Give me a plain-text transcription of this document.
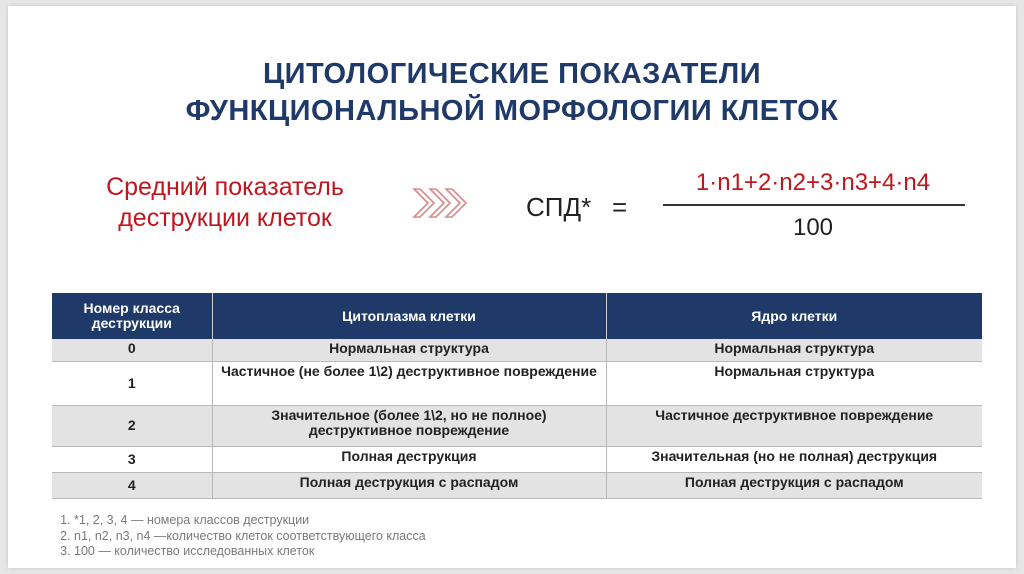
ЦИТОЛОГИЧЕСКИЕ ПОКАЗАТЕЛИ
ФУНКЦИОНАЛЬНОЙ МОРФОЛОГИИ КЛЕТОК
Средний показатель
деструкции клеток	СПД* =
1·n1+2·n2+3·n3+4·n4
100
Номер класса деструкции	Цитоплазма клетки	Ядро клетки
0	Нормальная структура	Нормальная структура
1	Частичное (не более 1\2) деструктивное повреждение	Нормальная структура
2	Значительное (более 1\2, но не полное) деструктивное повреждение	Частичное деструктивное повреждение
3	Полная деструкция	Значительная (но не полная) деструкция
4	Полная деструкция с распадом	Полная деструкция с распадом
1. *1, 2, 3, 4 — номера классов деструкции
2. n1, n2, n3, n4 —количество клеток соответствующего класса
3. 100 — количество исследованных клеток
